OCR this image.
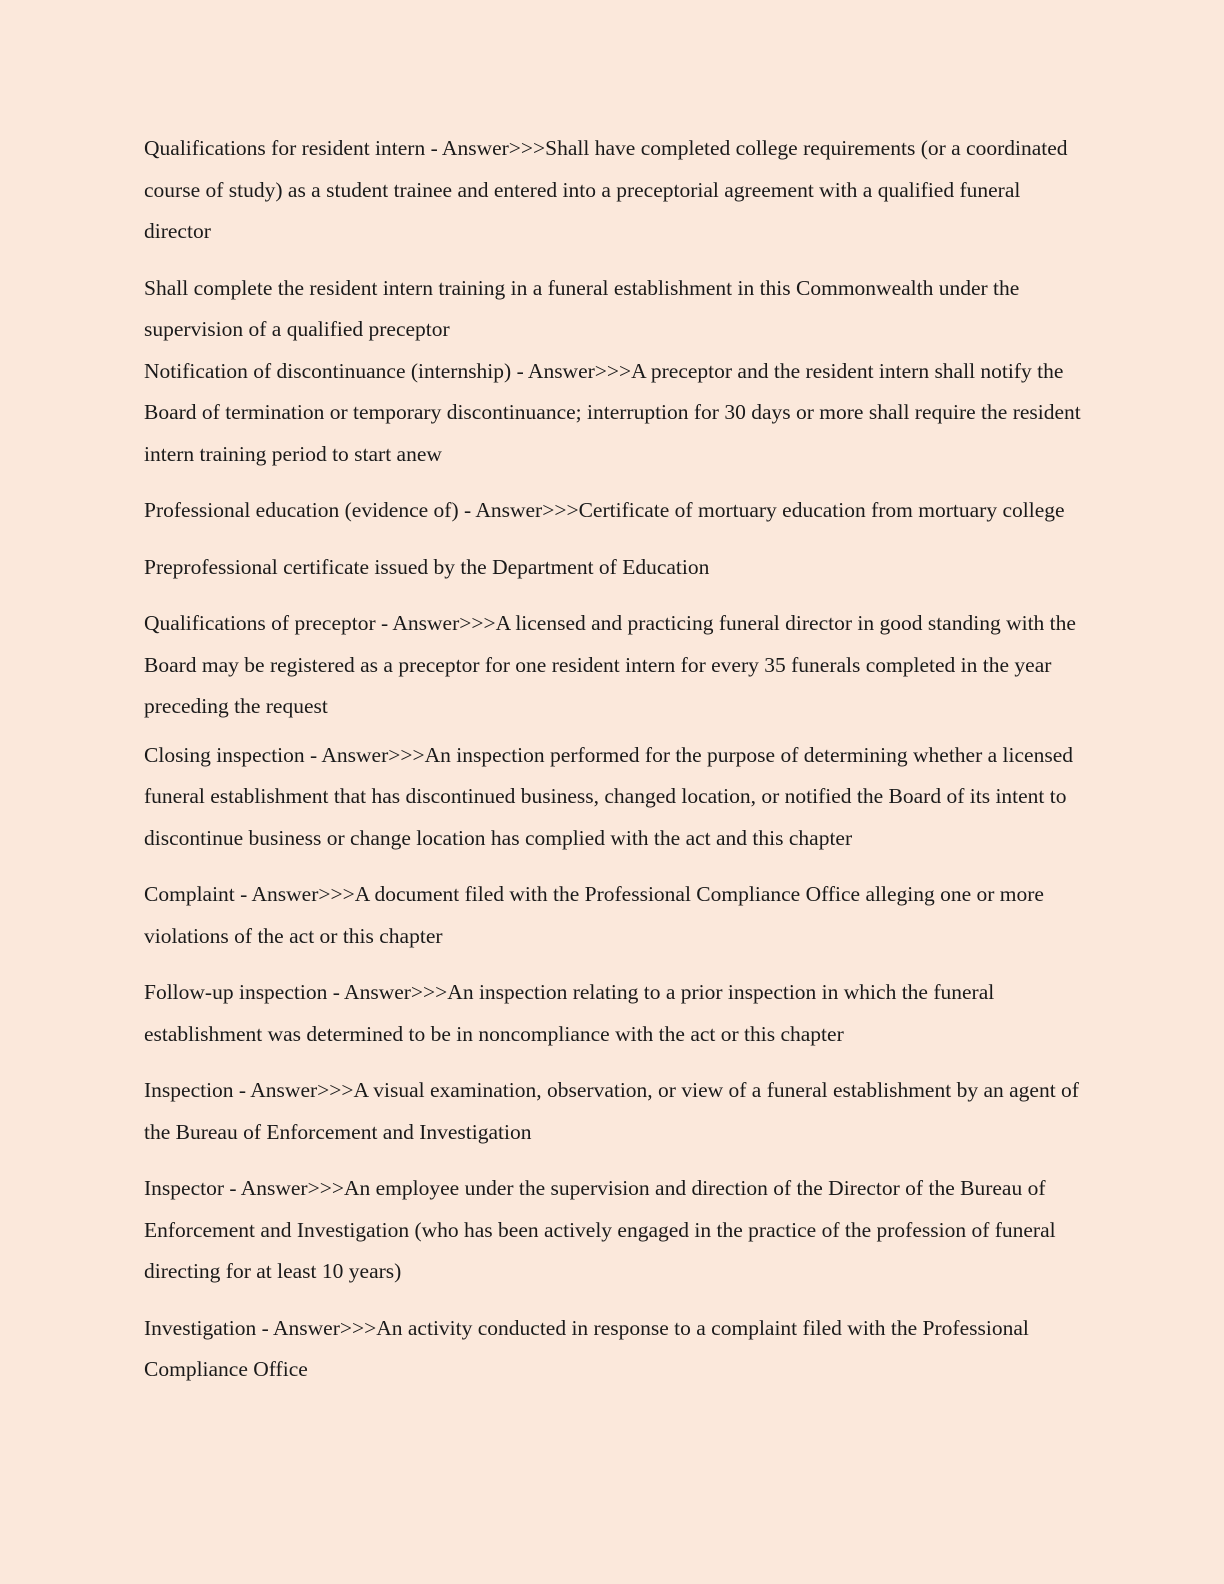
Qualifications for resident intern - Answer>>>Shall have completed college requirements (or a coordinated course of study) as a student trainee and entered into a preceptorial agreement with a qualified funeral director

Shall complete the resident intern training in a funeral establishment in this Commonwealth under the supervision of a qualified preceptor

Notification of discontinuance (internship) - Answer>>>A preceptor and the resident intern shall notify the Board of termination or temporary discontinuance; interruption for 30 days or more shall require the resident intern training period to start anew

Professional education (evidence of) - Answer>>>Certificate of mortuary education from mortuary college

Preprofessional certificate issued by the Department of Education

Qualifications of preceptor - Answer>>>A licensed and practicing funeral director in good standing with the Board may be registered as a preceptor for one resident intern for every 35 funerals completed in the year preceding the request

Closing inspection - Answer>>>An inspection performed for the purpose of determining whether a licensed funeral establishment that has discontinued business, changed location, or notified the Board of its intent to discontinue business or change location has complied with the act and this chapter

Complaint - Answer>>>A document filed with the Professional Compliance Office alleging one or more violations of the act or this chapter

Follow-up inspection - Answer>>>An inspection relating to a prior inspection in which the funeral establishment was determined to be in noncompliance with the act or this chapter

Inspection - Answer>>>A visual examination, observation, or view of a funeral establishment by an agent of the Bureau of Enforcement and Investigation

Inspector - Answer>>>An employee under the supervision and direction of the Director of the Bureau of Enforcement and Investigation (who has been actively engaged in the practice of the profession of funeral directing for at least 10 years)

Investigation - Answer>>>An activity conducted in response to a complaint filed with the Professional Compliance Office
